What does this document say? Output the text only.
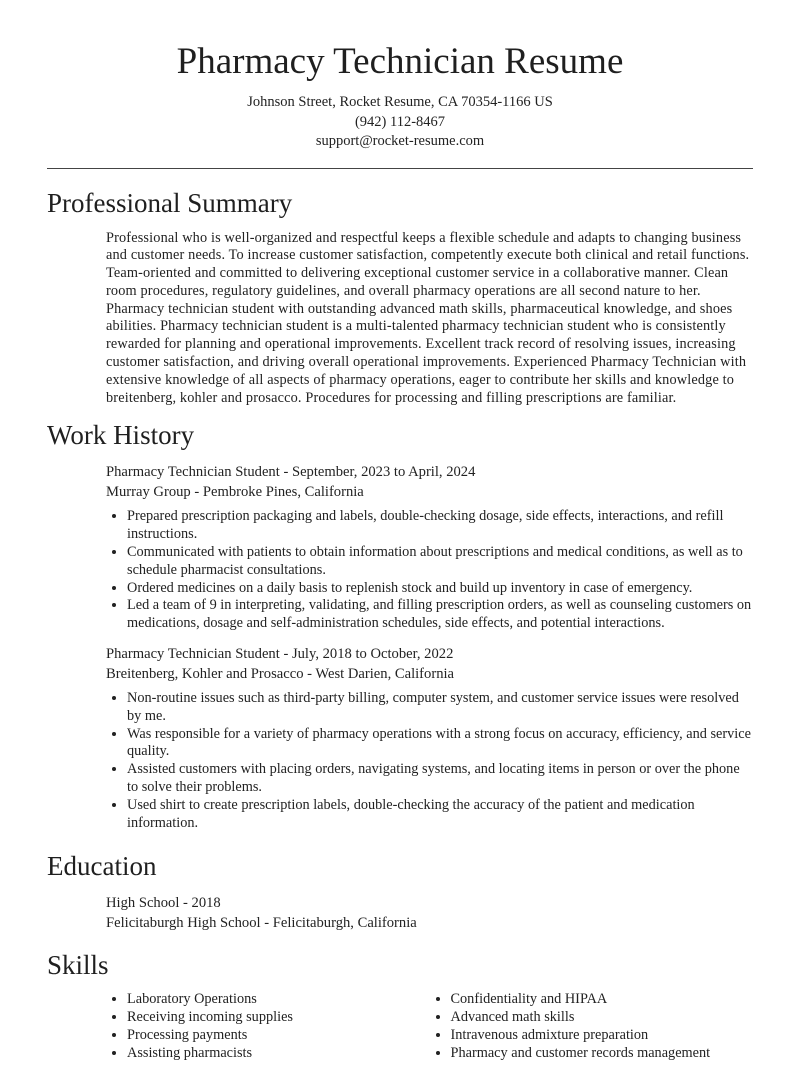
Pharmacy Technician Resume
Johnson Street, Rocket Resume, CA 70354-1166 US
(942) 112-8467
support@rocket-resume.com
Professional Summary

Professional who is well-organized and respectful keeps a flexible schedule and adapts to changing business and customer needs. To increase customer satisfaction, competently execute both clinical and retail functions. Team-oriented and committed to delivering exceptional customer service in a collaborative manner. Clean room procedures, regulatory guidelines, and overall pharmacy operations are all second nature to her. Pharmacy technician student with outstanding advanced math skills, pharmaceutical knowledge, and shoes abilities. Pharmacy technician student is a multi-talented pharmacy technician student who is consistently rewarded for planning and operational improvements. Excellent track record of resolving issues, increasing customer satisfaction, and driving overall operational improvements. Experienced Pharmacy Technician with extensive knowledge of all aspects of pharmacy operations, eager to contribute her skills and knowledge to breitenberg, kohler and prosacco. Procedures for processing and filling prescriptions are familiar.

Work History
Pharmacy Technician Student - September, 2023 to April, 2024
Murray Group - Pembroke Pines, California
• Prepared prescription packaging and labels, double-checking dosage, side effects, interactions, and refill instructions.
• Communicated with patients to obtain information about prescriptions and medical conditions, as well as to schedule pharmacist consultations.
• Ordered medicines on a daily basis to replenish stock and build up inventory in case of emergency.
• Led a team of 9 in interpreting, validating, and filling prescription orders, as well as counseling customers on medications, dosage and self-administration schedules, side effects, and potential interactions.
Pharmacy Technician Student - July, 2018 to October, 2022
Breitenberg, Kohler and Prosacco - West Darien, California
• Non-routine issues such as third-party billing, computer system, and customer service issues were resolved by me.
• Was responsible for a variety of pharmacy operations with a strong focus on accuracy, efficiency, and service quality.
• Assisted customers with placing orders, navigating systems, and locating items in person or over the phone to solve their problems.
• Used shirt to create prescription labels, double-checking the accuracy of the patient and medication information.
Education
High School - 2018
Felicitaburgh High School - Felicitaburgh, California
Skills
• Laboratory Operations
• Receiving incoming supplies
• Processing payments
• Assisting pharmacists
• Confidentiality and HIPAA
• Advanced math skills
• Intravenous admixture preparation
• Pharmacy and customer records management
